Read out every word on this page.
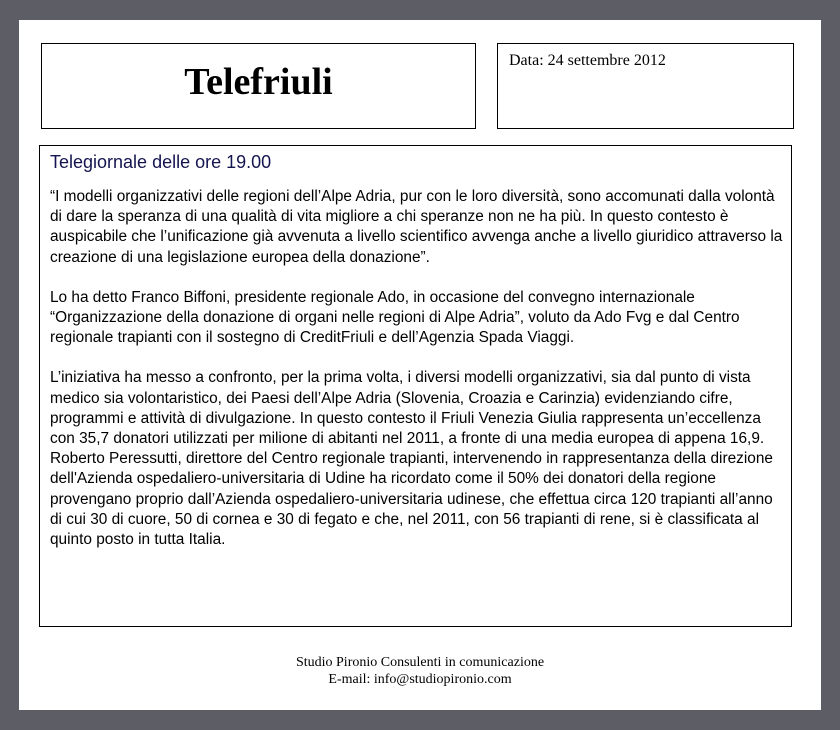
Telefriuli
Data: 24 settembre 2012
Telegiornale delle ore 19.00

“I modelli organizzativi delle regioni dell’Alpe Adria, pur con le loro diversità, sono accomunati dalla volontà di dare la speranza di una qualità di vita migliore a chi speranze non ne ha più. In questo contesto è auspicabile che l’unificazione già avvenuta a livello scientifico avvenga anche a livello giuridico attraverso la creazione di una legislazione europea della donazione”.

Lo ha detto Franco Biffoni, presidente regionale Ado, in occasione del convegno internazionale “Organizzazione della donazione di organi nelle regioni di Alpe Adria”, voluto da Ado Fvg e dal Centro regionale trapianti con il sostegno di CreditFriuli e dell’Agenzia Spada Viaggi.

L’iniziativa ha messo a confronto, per la prima volta, i diversi modelli organizzativi, sia dal punto di vista medico sia volontaristico, dei Paesi dell’Alpe Adria (Slovenia, Croazia e Carinzia) evidenziando cifre, programmi e attività di divulgazione. In questo contesto il Friuli Venezia Giulia rappresenta un’eccellenza con 35,7 donatori utilizzati per milione di abitanti nel 2011, a fronte di una media europea di appena 16,9.

Roberto Peressutti, direttore del Centro regionale trapianti, intervenendo in rappresentanza della direzione dell'Azienda ospedaliero-universitaria di Udine ha ricordato come il 50% dei donatori della regione provengano proprio dall’Azienda ospedaliero-universitaria udinese, che effettua circa 120 trapianti all’anno di cui 30 di cuore, 50 di cornea e 30 di fegato e che, nel 2011, con 56 trapianti di rene, si è classificata al quinto posto in tutta Italia.

Studio Pironio Consulenti in comunicazione
E-mail: info@studiopironio.com
